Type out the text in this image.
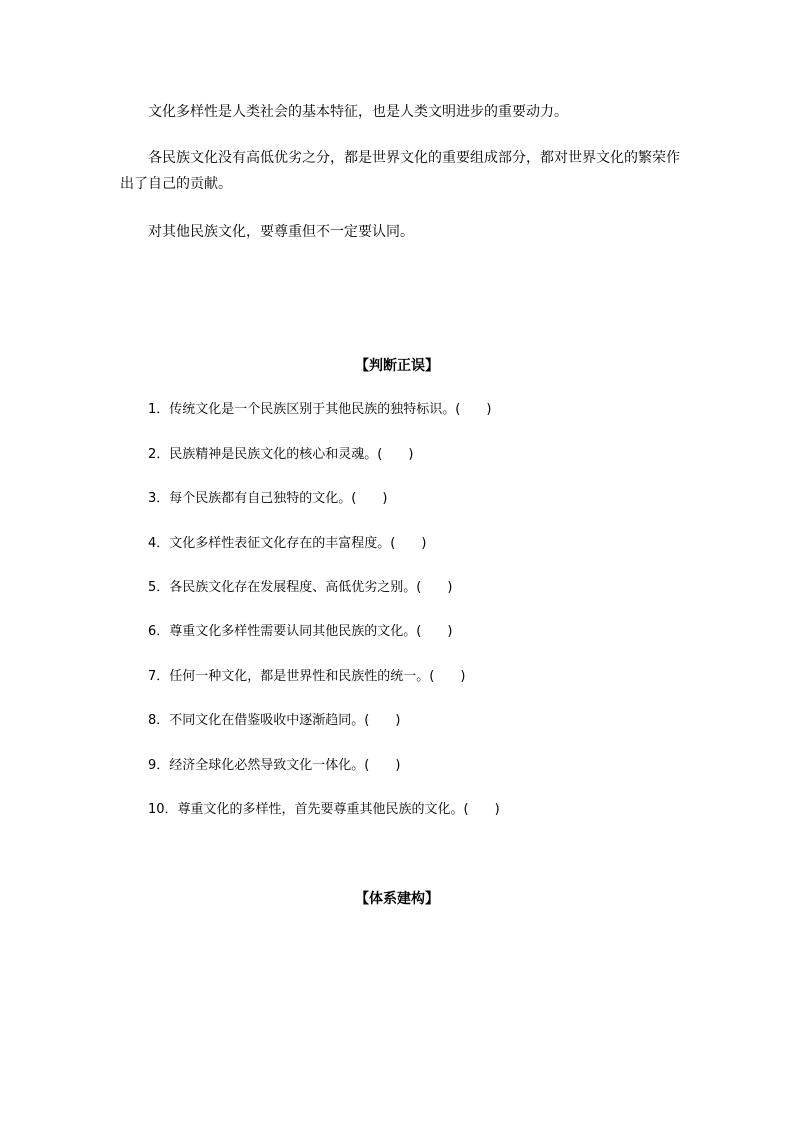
文化多样性是人类社会的基本特征，也是人类文明进步的重要动力。

各民族文化没有高低优劣之分，都是世界文化的重要组成部分，都对世界文化的繁荣作出了自己的贡献。

对其他民族文化，要尊重但不一定要认同。

【判断正误】

1．传统文化是一个民族区别于其他民族的独特标识。(　　)

2．民族精神是民族文化的核心和灵魂。(　　)

3．每个民族都有自己独特的文化。(　　)

4．文化多样性表征文化存在的丰富程度。(　　)

5．各民族文化存在发展程度、高低优劣之别。(　　)

6．尊重文化多样性需要认同其他民族的文化。(　　)

7．任何一种文化，都是世界性和民族性的统一。(　　)

8．不同文化在借鉴吸收中逐渐趋同。(　　)

9．经济全球化必然导致文化一体化。(　　)

10．尊重文化的多样性，首先要尊重其他民族的文化。(　　)

【体系建构】
